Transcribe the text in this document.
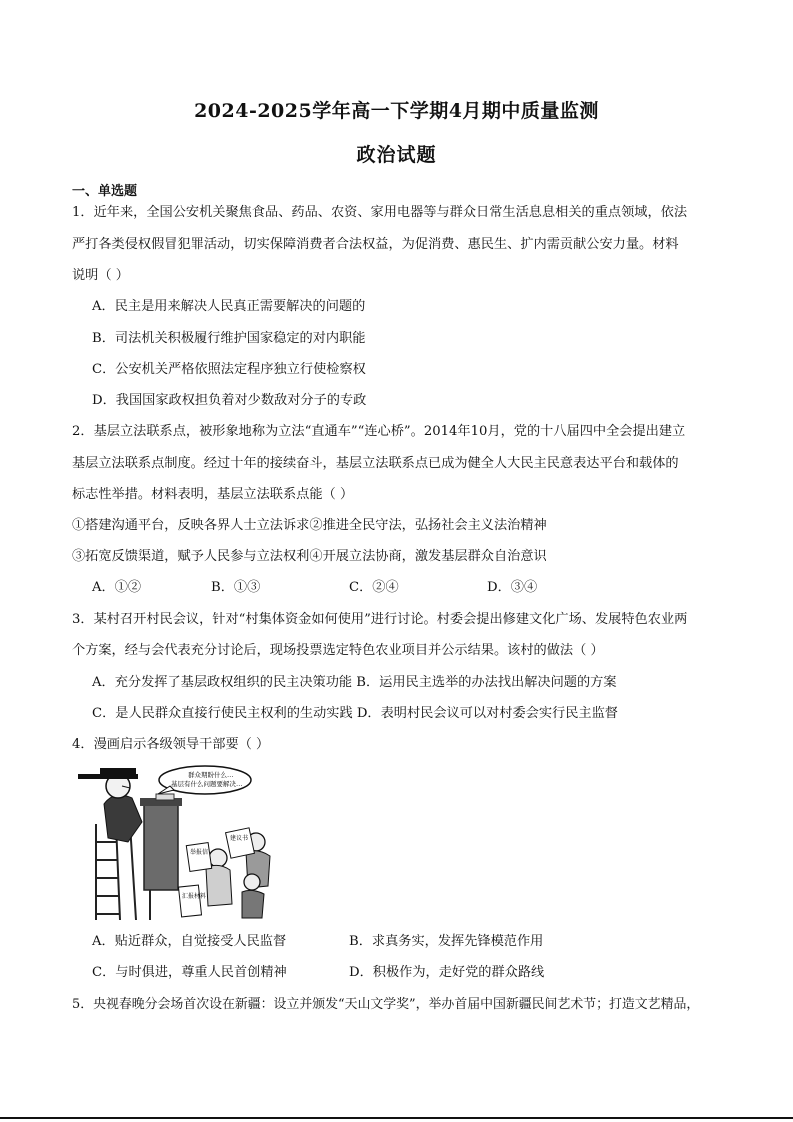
2024-2025学年高一下学期4月期中质量监测
政治试题
一、单选题
1．近年来，全国公安机关聚焦食品、药品、农资、家用电器等与群众日常生活息息相关的重点领域，依法
严打各类侵权假冒犯罪活动，切实保障消费者合法权益，为促消费、惠民生、扩内需贡献公安力量。材料
说明（ ）
A．民主是用来解决人民真正需要解决的问题的
B．司法机关积极履行维护国家稳定的对内职能
C．公安机关严格依照法定程序独立行使检察权
D．我国国家政权担负着对少数敌对分子的专政
2．基层立法联系点，被形象地称为立法“直通车”“连心桥”。2014年10月，党的十八届四中全会提出建立
基层立法联系点制度。经过十年的接续奋斗，基层立法联系点已成为健全人大民主民意表达平台和载体的
标志性举措。材料表明，基层立法联系点能（ ）
①搭建沟通平台，反映各界人士立法诉求②推进全民守法，弘扬社会主义法治精神
③拓宽反馈渠道，赋予人民参与立法权利④开展立法协商，激发基层群众自治意识
A．①②	B．①③	C．②④	D．③④
3．某村召开村民会议，针对“村集体资金如何使用”进行讨论。村委会提出修建文化广场、发展特色农业两
个方案，经与会代表充分讨论后，现场投票选定特色农业项目并公示结果。该村的做法（ ）
A．充分发挥了基层政权组织的民主决策功能 B．运用民主选举的办法找出解决问题的方案
C．是人民群众直接行使民主权利的生动实践 D．表明村民会议可以对村委会实行民主监督
4．漫画启示各级领导干部要（ ）
群众期盼什么…
基层有什么问题要解决…
举报信
建议书
汇报材料
A．贴近群众，自觉接受人民监督	B．求真务实，发挥先锋模范作用
C．与时俱进，尊重人民首创精神	D．积极作为，走好党的群众路线
5．央视春晚分会场首次设在新疆：设立并颁发“天山文学奖”，举办首届中国新疆民间艺术节；打造文艺精品，
